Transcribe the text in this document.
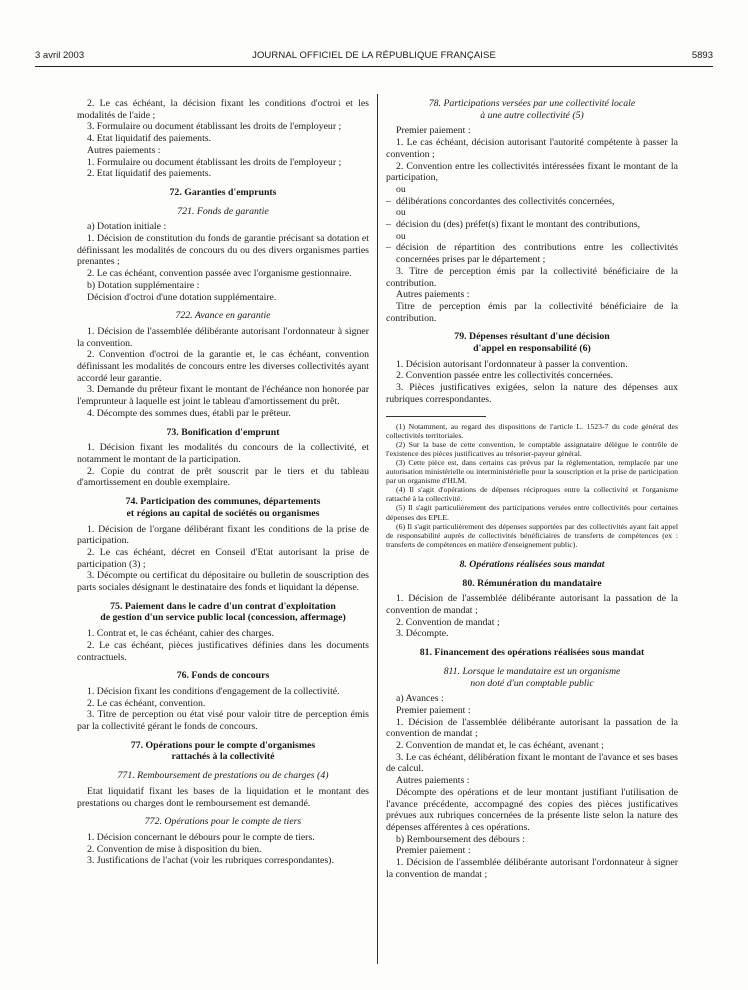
3 avril 2003	JOURNAL OFFICIEL DE LA RÉPUBLIQUE FRANÇAISE	5893

2. Le cas échéant, la décision fixant les conditions d'octroi et les modalités de l'aide ;

3. Formulaire ou document établissant les droits de l'employeur ;

4. Etat liquidatif des paiements.

Autres paiements :

1. Formulaire ou document établissant les droits de l'employeur ;

2. Etat liquidatif des paiements.

72. Garanties d'emprunts

721. Fonds de garantie

a) Dotation initiale :

1. Décision de constitution du fonds de garantie précisant sa dotation et définissant les modalités de concours du ou des divers organismes parties prenantes ;

2. Le cas échéant, convention passée avec l'organisme gestionnaire.

b) Dotation supplémentaire :

Décision d'octroi d'une dotation supplémentaire.

722. Avance en garantie

1. Décision de l'assemblée délibérante autorisant l'ordonnateur à signer la convention.

2. Convention d'octroi de la garantie et, le cas échéant, convention définissant les modalités de concours entre les diverses collectivités ayant accordé leur garantie.

3. Demande du prêteur fixant le montant de l'échéance non honorée par l'emprunteur à laquelle est joint le tableau d'amortissement du prêt.

4. Décompte des sommes dues, établi par le prêteur.

73. Bonification d'emprunt

1. Décision fixant les modalités du concours de la collectivité, et notamment le montant de la participation.

2. Copie du contrat de prêt souscrit par le tiers et du tableau d'amortissement en double exemplaire.

74. Participation des communes, départements
et régions au capital de sociétés ou organismes

1. Décision de l'organe délibérant fixant les conditions de la prise de participation.

2. Le cas échéant, décret en Conseil d'Etat autorisant la prise de participation (3) ;

3. Décompte ou certificat du dépositaire ou bulletin de souscription des parts sociales désignant le destinataire des fonds et liquidant la dépense.

75. Paiement dans le cadre d'un contrat d'exploitation
de gestion d'un service public local (concession, affermage)

1. Contrat et, le cas échéant, cahier des charges.

2. Le cas échéant, pièces justificatives définies dans les documents contractuels.

76. Fonds de concours

1. Décision fixant les conditions d'engagement de la collectivité.

2. Le cas échéant, convention.

3. Titre de perception ou état visé pour valoir titre de perception émis par la collectivité gérant le fonds de concours.

77. Opérations pour le compte d'organismes
rattachés à la collectivité

771. Remboursement de prestations ou de charges (4)

Etat liquidatif fixant les bases de la liquidation et le montant des prestations ou charges dont le remboursement est demandé.

772. Opérations pour le compte de tiers

1. Décision concernant le débours pour le compte de tiers.

2. Convention de mise à disposition du bien.

3. Justifications de l'achat (voir les rubriques correspondantes).

78. Participations versées par une collectivité locale
à une autre collectivité (5)

Premier paiement :

1. Le cas échéant, décision autorisant l'autorité compétente à passer la convention ;

2. Convention entre les collectivités intéressées fixant le montant de la participation,

ou

– délibérations concordantes des collectivités concernées,

ou

– décision du (des) préfet(s) fixant le montant des contributions,

ou

– décision de répartition des contributions entre les collectivités concernées prises par le département ;

3. Titre de perception émis par la collectivité bénéficiaire de la contribution.

Autres paiements :

Titre de perception émis par la collectivité bénéficiaire de la contribution.

79. Dépenses résultant d'une décision
d'appel en responsabilité (6)

1. Décision autorisant l'ordonnateur à passer la convention.

2. Convention passée entre les collectivités concernées.

3. Pièces justificatives exigées, selon la nature des dépenses aux rubriques correspondantes.

(1) Notamment, au regard des dispositions de l'article L. 1523-7 du code général des collectivités territoriales.

(2) Sur la base de cette convention, le comptable assignataire délègue le contrôle de l'existence des pièces justificatives au trésorier-payeur général.

(3) Cette pièce est, dans certains cas prévus par la réglementation, remplacée par une autorisation ministérielle ou interministérielle pour la souscription et la prise de participation par un organisme d'HLM.

(4) Il s'agit d'opérations de dépenses réciproques entre la collectivité et l'organisme rattaché à la collectivité.

(5) Il s'agit particulièrement des participations versées entre collectivités pour certaines dépenses des EPLE.

(6) Il s'agit particulièrement des dépenses supportées par des collectivités ayant fait appel de responsabilité auprès de collectivités bénéficiaires de transferts de compétences (ex : transferts de compétences en matière d'enseignement public).

8. Opérations réalisées sous mandat

80. Rémunération du mandataire

1. Décision de l'assemblée délibérante autorisant la passation de la convention de mandat ;

2. Convention de mandat ;

3. Décompte.

81. Financement des opérations réalisées sous mandat

811. Lorsque le mandataire est un organisme
non doté d'un comptable public

a) Avances :

Premier paiement :

1. Décision de l'assemblée délibérante autorisant la passation de la convention de mandat ;

2. Convention de mandat et, le cas échéant, avenant ;

3. Le cas échéant, délibération fixant le montant de l'avance et ses bases de calcul.

Autres paiements :

Décompte des opérations et de leur montant justifiant l'utilisation de l'avance précédente, accompagné des copies des pièces justificatives prévues aux rubriques concernées de la présente liste selon la nature des dépenses afférentes à ces opérations.

b) Remboursement des débours :

Premier paiement :

1. Décision de l'assemblée délibérante autorisant l'ordonnateur à signer la convention de mandat ;
